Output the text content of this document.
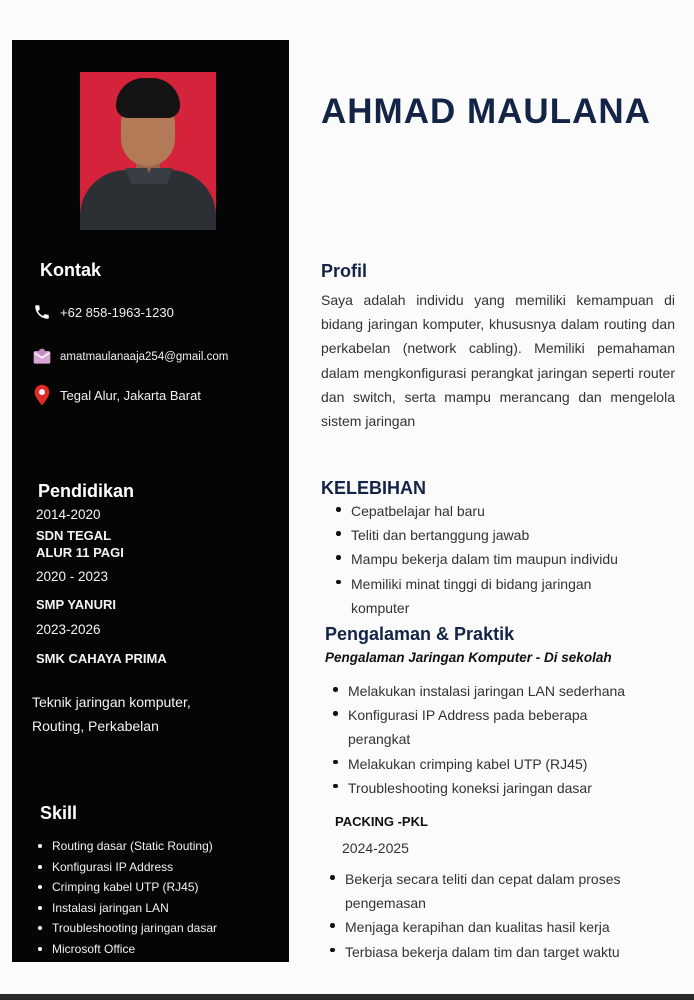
Kontak
+62 858-1963-1230
amatmaulanaaja254@gmail.com
Tegal Alur, Jakarta Barat
Pendidikan
2014-2020
SDN TEGAL
ALUR 11 PAGI
2020 - 2023
SMP YANURI
2023-2026
SMK CAHAYA PRIMA
Teknik jaringan komputer,
Routing, Perkabelan
Skill
Routing dasar (Static Routing)
Konfigurasi IP Address
Crimping kabel UTP (RJ45)
Instalasi jaringan LAN
Troubleshooting jaringan dasar
Microsoft Office
AHMAD MAULANA
Profil
Saya adalah individu yang memiliki kemampuan di bidang jaringan komputer, khususnya dalam routing dan perkabelan (network cabling). Memiliki pemahaman dalam mengkonfigurasi perangkat jaringan seperti router dan switch, serta mampu merancang dan mengelola sistem jaringan
KELEBIHAN
Cepatbelajar hal baru
Teliti dan bertanggung jawab
Mampu bekerja dalam tim maupun individu
Memiliki minat tinggi di bidang jaringan komputer
Pengalaman & Praktik
Pengalaman Jaringan Komputer - Di sekolah
Melakukan instalasi jaringan LAN sederhana
Konfigurasi IP Address pada beberapa perangkat
Melakukan crimping kabel UTP (RJ45)
Troubleshooting koneksi jaringan dasar
PACKING -PKL
2024-2025
Bekerja secara teliti dan cepat dalam proses pengemasan
Menjaga kerapihan dan kualitas hasil kerja
Terbiasa bekerja dalam tim dan target waktu
